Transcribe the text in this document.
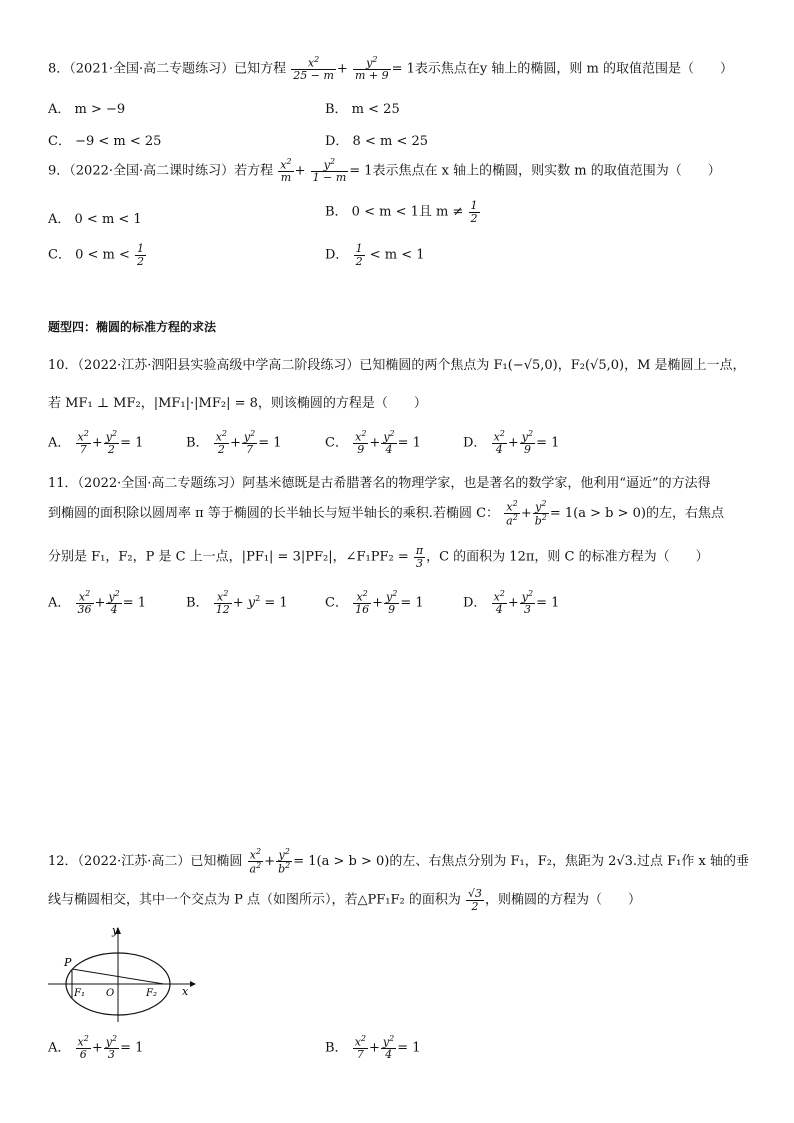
8．（2021·全国·高二专题练习）已知方程 $\frac{x^2}{25 - m} + \frac{y^2}{m + 9} = 1$表示焦点在y 轴上的椭圆，则 m 的取值范围是（　　）
A． m > −9	B． m < 25
C． −9 < m < 25	D． 8 < m < 25
9．（2022·全国·高二课时练习）若方程 $\frac{x^2}{m} + \frac{y^2}{1 - m} = 1$表示焦点在 x 轴上的椭圆，则实数 m 的取值范围为（　　）
A． 0 < m < 1	B． 0 < m < 1且 $m \ne \frac{1}{2}$
C． $0 < m < \frac{1}{2}$	D． $\frac{1}{2} < m < 1$
题型四：椭圆的标准方程的求法
10．（2022·江苏·泗阳县实验高级中学高二阶段练习）已知椭圆的两个焦点为 F₁(−√5,0)，F₂(√5,0)，M 是椭圆上一点，
若 MF₁ ⊥ MF₂，|MF₁|·|MF₂| = 8，则该椭圆的方程是（　　）
A． $\frac{x^2}{7} + \frac{y^2}{2} = 1$	B． $\frac{x^2}{2} + \frac{y^2}{7} = 1$	C． $\frac{x^2}{9} + \frac{y^2}{4} = 1$	D． $\frac{x^2}{4} + \frac{y^2}{9} = 1$
11．（2022·全国·高二专题练习）阿基米德既是古希腊著名的物理学家，也是著名的数学家，他利用“逼近”的方法得
到椭圆的面积除以圆周率 π 等于椭圆的长半轴长与短半轴长的乘积.若椭圆 C： $\frac{x^2}{a^2} + \frac{y^2}{b^2} = 1(a > b > 0)$的左，右焦点
分别是 F₁，F₂，P 是 C 上一点，|PF₁| = 3|PF₂|，∠F₁PF₂ = $\frac{\pi}{3}$ ，C 的面积为 12π，则 C 的标准方程为（　　）
A． $\frac{x^2}{36} + \frac{y^2}{4} = 1$	B． $\frac{x^2}{12} + y^2 = 1$	C． $\frac{x^2}{16} + \frac{y^2}{9} = 1$	D． $\frac{x^2}{4} + \frac{y^2}{3} = 1$
12．（2022·江苏·高二）已知椭圆 $\frac{x^2}{a^2} + \frac{y^2}{b^2} = 1(a > b > 0)$的左、右焦点分别为 F₁，F₂，焦距为 2√3.过点 F₁作 x 轴的垂
线与椭圆相交，其中一个交点为 P 点（如图所示），若△PF₁F₂ 的面积为 $\frac{√3}{2}$ ，则椭圆的方程为（　　）
y
x
P
F₁ O	F₂
A． $\frac{x^2}{6} + \frac{y^2}{3} = 1$	B． $\frac{x^2}{7} + \frac{y^2}{4} = 1$
